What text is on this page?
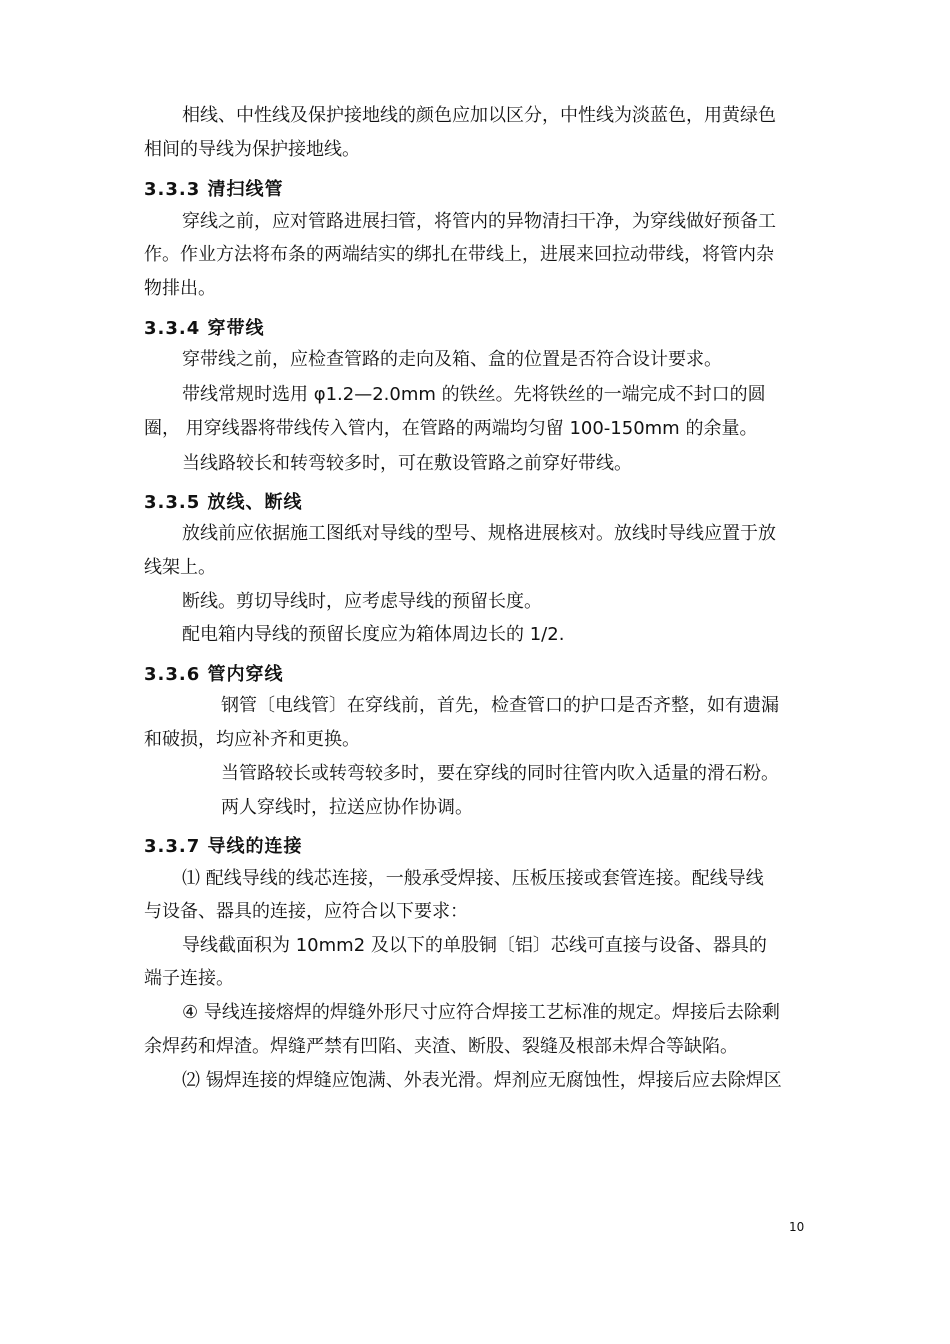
相线、中性线及保护接地线的颜色应加以区分，中性线为淡蓝色，用黄绿色
相间的导线为保护接地线。
3.3.3 清扫线管
穿线之前，应对管路进展扫管，将管内的异物清扫干净，为穿线做好预备工
作。作业方法将布条的两端结实的绑扎在带线上，进展来回拉动带线，将管内杂
物排出。
3.3.4 穿带线
穿带线之前，应检查管路的走向及箱、盒的位置是否符合设计要求。
带线常规时选用 φ1.2—2.0mm 的铁丝。先将铁丝的一端完成不封口的圆
圈， 用穿线器将带线传入管内，在管路的两端均匀留 100-150mm 的余量。
当线路较长和转弯较多时，可在敷设管路之前穿好带线。
3.3.5 放线、断线
放线前应依据施工图纸对导线的型号、规格进展核对。放线时导线应置于放
线架上。
断线。剪切导线时，应考虑导线的预留长度。
配电箱内导线的预留长度应为箱体周边长的 1/2.
3.3.6 管内穿线
钢管〔电线管〕在穿线前，首先，检查管口的护口是否齐整，如有遗漏
和破损，均应补齐和更换。
当管路较长或转弯较多时，要在穿线的同时往管内吹入适量的滑石粉。
两人穿线时，拉送应协作协调。
3.3.7 导线的连接
⑴ 配线导线的线芯连接，一般承受焊接、压板压接或套管连接。配线导线
与设备、器具的连接，应符合以下要求：
导线截面积为 10mm2 及以下的单股铜〔铝〕芯线可直接与设备、器具的
端子连接。
④ 导线连接熔焊的焊缝外形尺寸应符合焊接工艺标准的规定。焊接后去除剩
余焊药和焊渣。焊缝严禁有凹陷、夹渣、断股、裂缝及根部未焊合等缺陷。
⑵ 锡焊连接的焊缝应饱满、外表光滑。焊剂应无腐蚀性，焊接后应去除焊区
10
